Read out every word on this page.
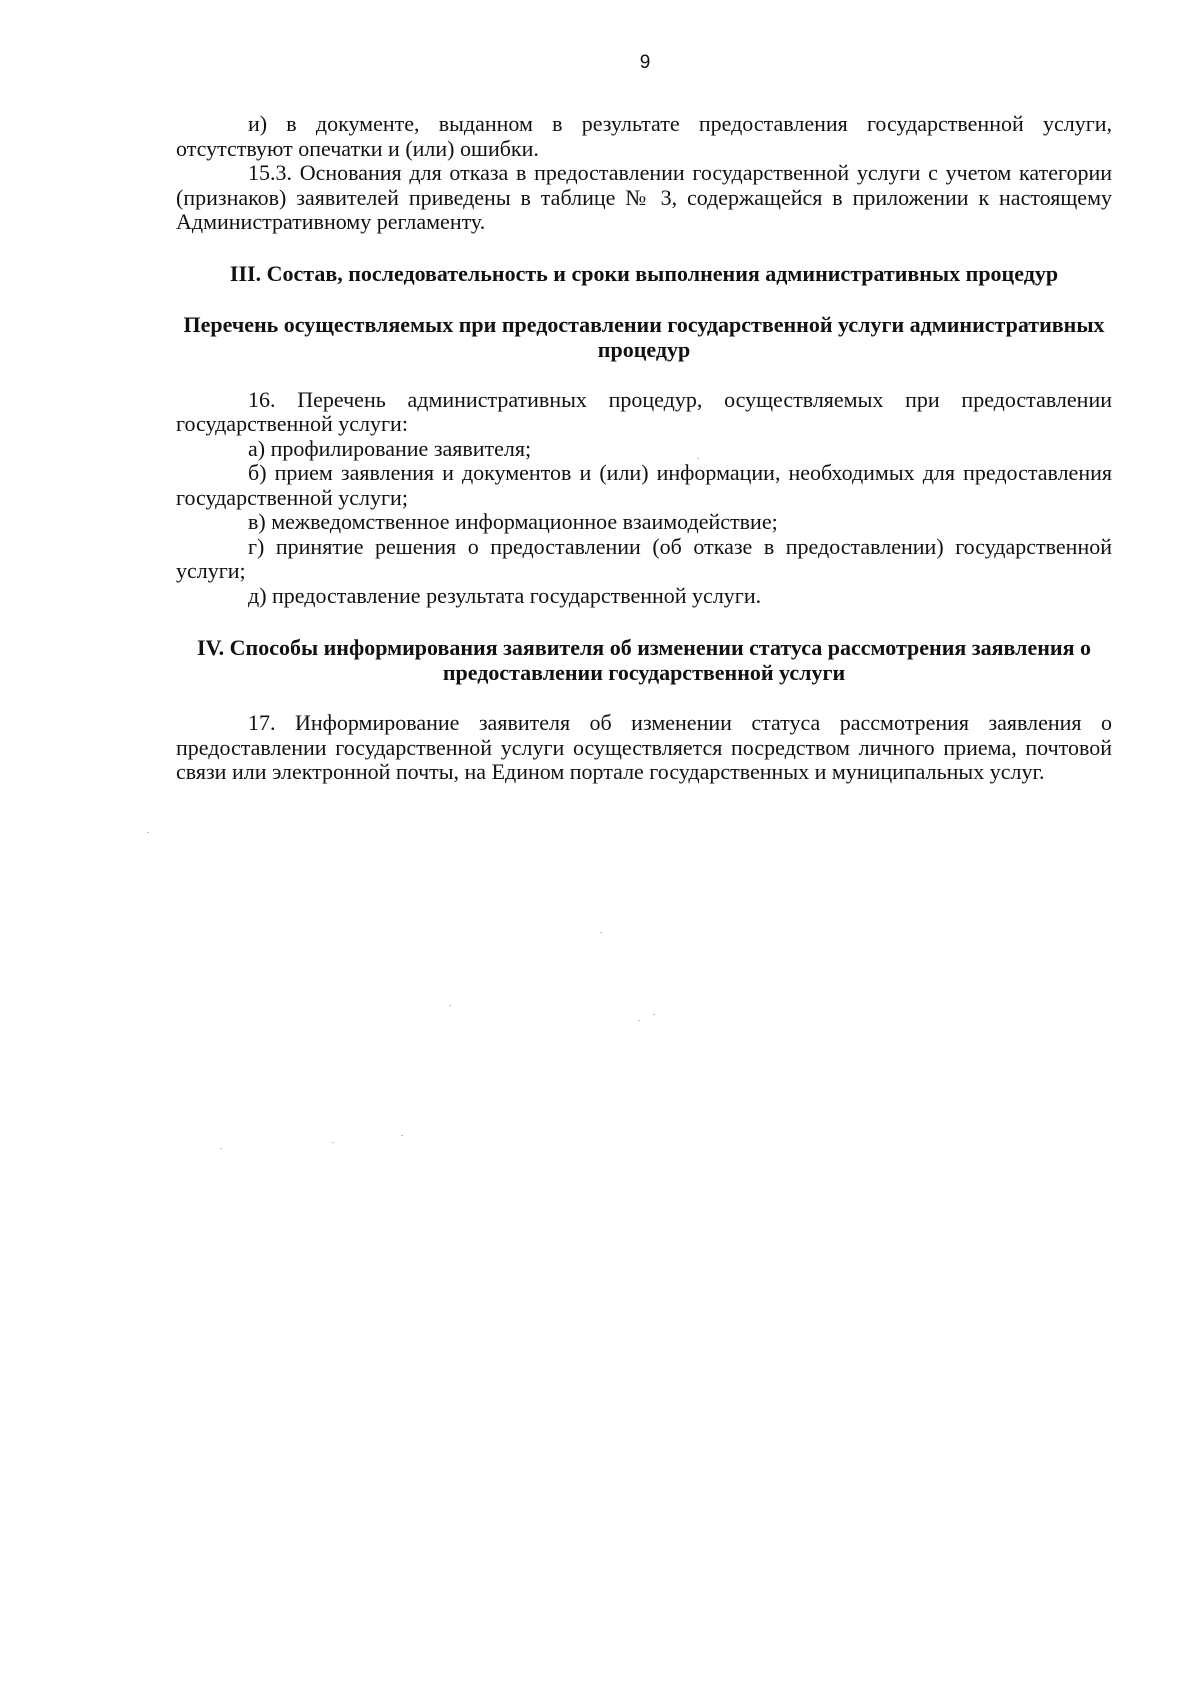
9

и) в документе, выданном в результате предоставления государственной услуги, отсутствуют опечатки и (или) ошибки.

15.3. Основания для отказа в предоставлении государственной услуги с учетом категории (признаков) заявителей приведены в таблице № 3, содержащейся в приложении к настоящему Административному регламенту.

III. Состав, последовательность и сроки выполнения административных процедур
Перечень осуществляемых при предоставлении государственной услуги административных процедур

16. Перечень административных процедур, осуществляемых при предоставлении государственной услуги:

а) профилирование заявителя;

б) прием заявления и документов и (или) информации, необходимых для предоставления государственной услуги;

в) межведомственное информационное взаимодействие;

г) принятие решения о предоставлении (об отказе в предоставлении) государственной услуги;

д) предоставление результата государственной услуги.

IV. Способы информирования заявителя об изменении статуса рассмотрения заявления о предоставлении государственной услуги

17. Информирование заявителя об изменении статуса рассмотрения заявления о предоставлении государственной услуги осуществляется посредством личного приема, почтовой связи или электронной почты, на Едином портале государственных и муниципальных услуг.
